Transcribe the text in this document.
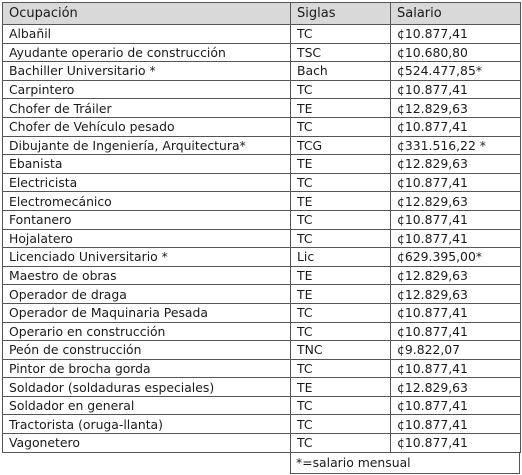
Ocupación	Siglas	Salario
Albañil	TC	¢10.877,41
Ayudante operario de construcción	TSC	¢10.680,80
Bachiller Universitario *	Bach	¢524.477,85*
Carpintero	TC	¢10.877,41
Chofer de Tráiler	TE	¢12.829,63
Chofer de Vehículo pesado	TC	¢10.877,41
Dibujante de Ingeniería, Arquitectura*	TCG	¢331.516,22 *
Ebanista	TE	¢12.829,63
Electricista	TC	¢10.877,41
Electromecánico	TE	¢12.829,63
Fontanero	TC	¢10.877,41
Hojalatero	TC	¢10.877,41
Licenciado Universitario *	Lic	¢629.395,00*
Maestro de obras	TE	¢12.829,63
Operador de draga	TE	¢12.829,63
Operador de Maquinaria Pesada	TC	¢10.877,41
Operario en construcción	TC	¢10.877,41
Peón de construcción	TNC	¢9.822,07
Pintor de brocha gorda	TC	¢10.877,41
Soldador (soldaduras especiales)	TE	¢12.829,63
Soldador en general	TC	¢10.877,41
Tractorista (oruga-llanta)	TC	¢10.877,41
Vagonetero	TC	¢10.877,41
*=salario mensual
